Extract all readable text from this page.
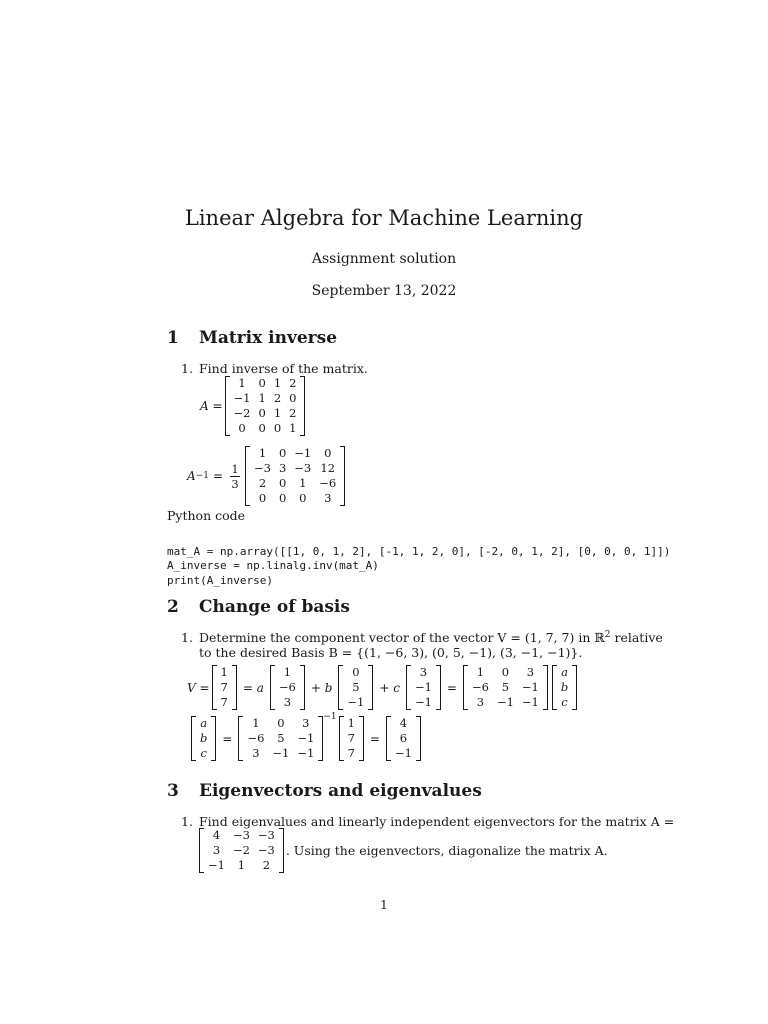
Linear Algebra for Machine Learning
Assignment solution
September 13, 2022
1 Matrix inverse
1. Find inverse of the matrix.
A =
1	0	1	2
−1	1	2	0
−2	0	1	2
0	0	0	1
$A -1 = \frac{1}{3}$
1	0	−1	0
−3	3	−3	12
2	0	1	−6
0	0	0	3
Python code

mat_A = np.array([[1, 0, 1, 2], [-1, 1, 2, 0], [-2, 0, 1, 2], [0, 0, 0, 1]])
A_inverse = np.linalg.inv(mat_A)
print(A_inverse)
2 Change of basis
1. Determine the component vector of the vector V = (1, 7, 7) in ℝ$^2$ relative
to the desired Basis B = {(1, −6, 3), (0, 5, −1), (3, −1, −1)}.
V =
1
7
7
= a
1
−6
3
+ b
0
5
−1
+ c
3
−1
−1
=
1	0	3
−6	5	−1
3	−1	−1
a
b
c
a
b
c
=
1	0	3
−6	5	−1
3	−1	−1
−1 1
7
7
=
4
6
−1
3 Eigenvectors and eigenvalues
1. Find eigenvalues and linearly independent eigenvectors for the matrix A =
4	−3	−3
3	−2	−3
−1	1	2
. Using the eigenvectors, diagonalize the matrix A.
1
